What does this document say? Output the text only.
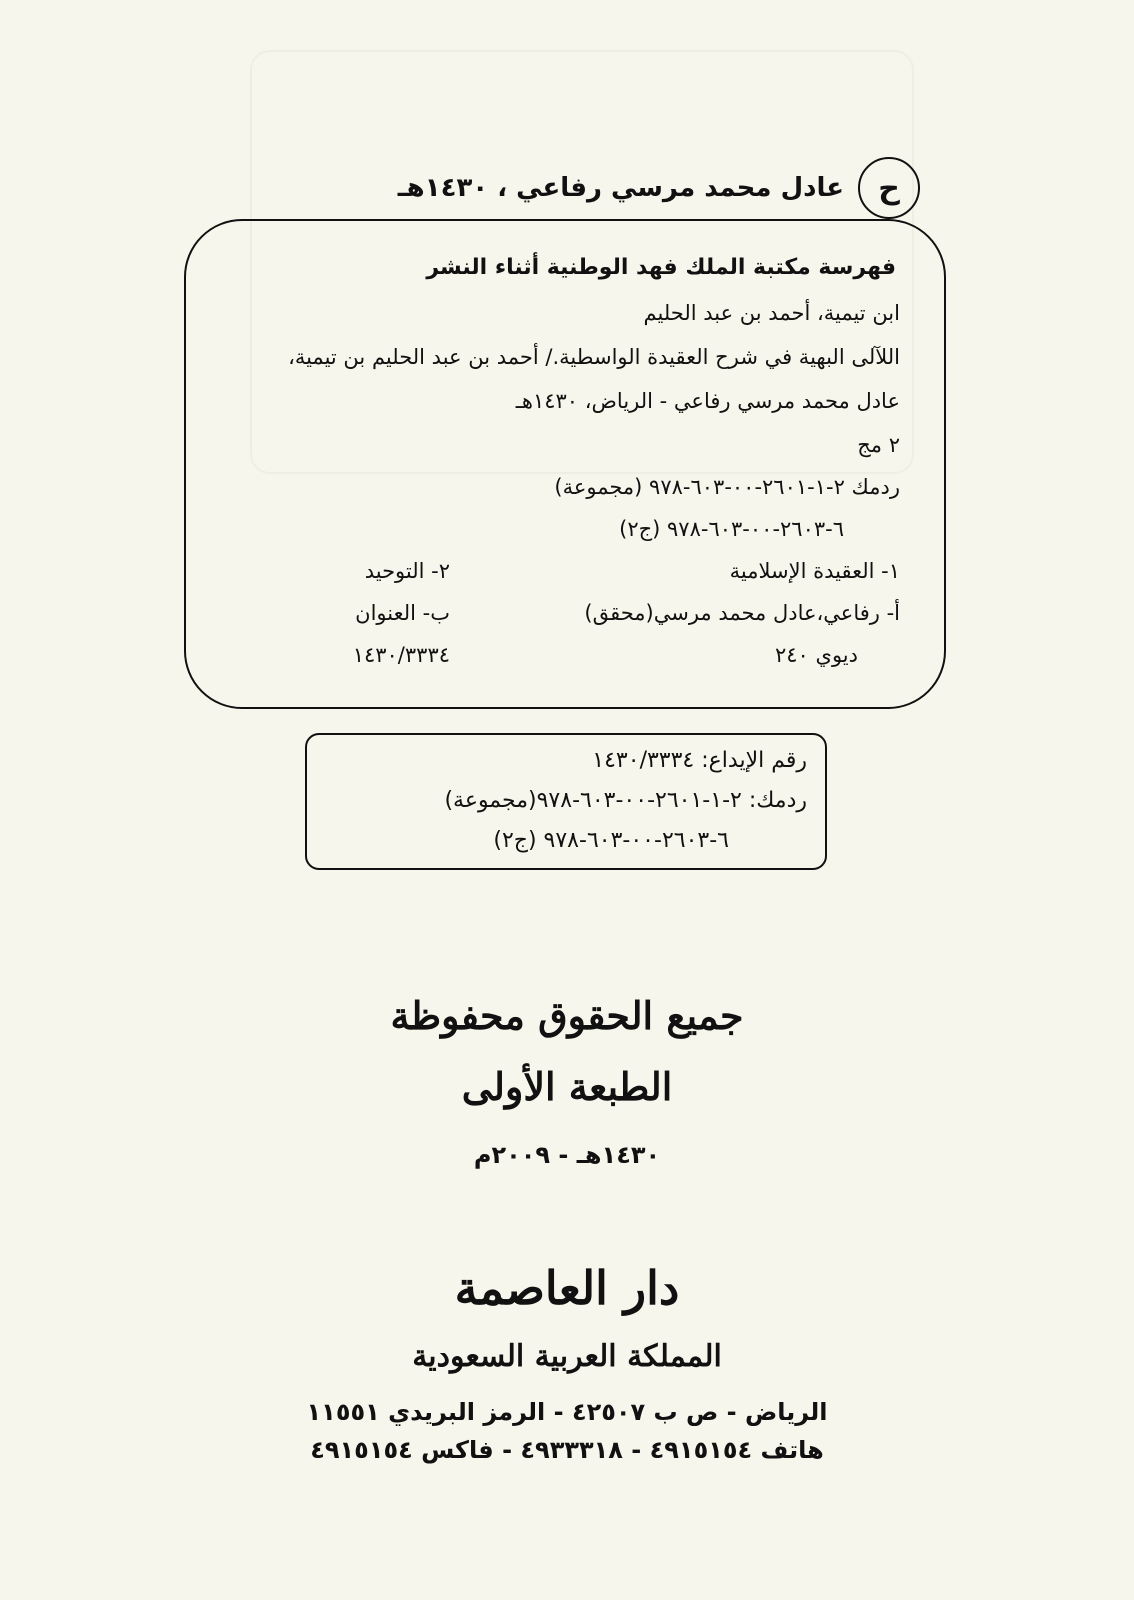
ح
عادل محمد مرسي رفاعي ، ١٤٣٠هـ
فهرسة مكتبة الملك فهد الوطنية أثناء النشر
ابن تيمية، أحمد بن عبد الحليم
اللآلى البهية في شرح العقيدة الواسطية./ أحمد بن عبد الحليم بن تيمية،
عادل محمد مرسي رفاعي - الرياض، ١٤٣٠هـ
٢ مج
ردمك ٢-١-٢٦٠١-٠٠-٦٠٣-٩٧٨ (مجموعة)
٦-٢٦٠٣-٠٠-٦٠٣-٩٧٨ (ج٢)
١- العقيدة الإسلامية
٢- التوحيد
أ- رفاعي،عادل محمد مرسي(محقق)
ب- العنوان
ديوي ٢٤٠
١٤٣٠/٣٣٣٤
رقم الإيداع: ١٤٣٠/٣٣٣٤
ردمك: ٢-١-٢٦٠١-٠٠-٦٠٣-٩٧٨(مجموعة)
٦-٢٦٠٣-٠٠-٦٠٣-٩٧٨ (ج٢)
جميع الحقوق محفوظة
الطبعة الأولى
١٤٣٠هـ - ٢٠٠٩م
دار العاصمة
المملكة العربية السعودية
الرياض - ص ب ٤٢٥٠٧ - الرمز البريدي ١١٥٥١
هاتف ٤٩١٥١٥٤ - ٤٩٣٣٣١٨ - فاكس ٤٩١٥١٥٤
